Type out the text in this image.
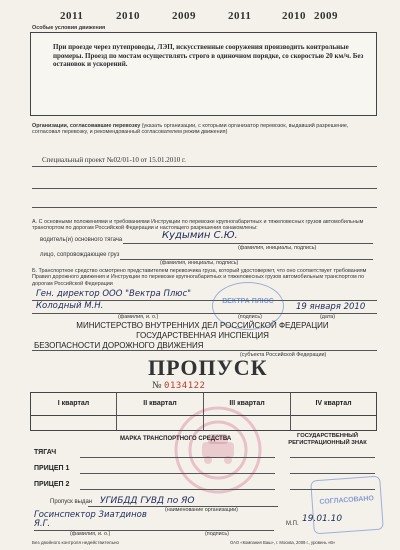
2011	2010	2009	2011	2010 2009
Особые условия движения
При проезде через путепроводы, ЛЭП, искусственные сооружения производить контрольные промеры. Проезд по мостам осуществлять строго в одиночном порядке, со скоростью 20 км/ч. Без остановок и ускорений.
Организации, согласовавшие перевозку (указать организации, с которыми организатор перевозок, выдавший разрешение, согласовал перевозку, и рекомендованный согласователем режим движения)
Специальный проект №02/01-10 от 15.01.2010 г.
А. С основными положениями и требованиями Инструкции по перевозке крупногабаритных и тяжеловесных грузов автомобильным транспортом по дорогам Российской Федерации и настоящего разрешения ознакомлены:
водитель(и) основного тягача	Кудымин С.Ю.
(фамилия, инициалы, подпись)
лицо, сопровождающее груз
(фамилия, инициалы, подпись)
Б. Транспортное средство осмотрено представителем перевозчика груза, который удостоверяет, что оно соответствует требованиям Правил дорожного движения и Инструкции по перевозке крупногабаритных и тяжеловесных грузов автомобильным транспортом по дорогам Российской Федерации
Ген. директор ООО "Вектра Плюс"
Колодный М.Н.	19 января 2010
(фамилия, и. о.)	(подпись)	(дата)
ВЕКТРА ПЛЮС
МИНИСТЕРСТВО ВНУТРЕННИХ ДЕЛ РОССИЙСКОЙ ФЕДЕРАЦИИ
ГОСУДАРСТВЕННАЯ ИНСПЕКЦИЯ
БЕЗОПАСНОСТИ ДОРОЖНОГО ДВИЖЕНИЯ
(субъекта Российской Федерации)
ПРОПУСК
№ 0134122
I квартал	II квартал	III квартал	IV квартал
МАРКА ТРАНСПОРТНОГО СРЕДСТВА	ГОСУДАРСТВЕННЫЙ РЕГИСТРАЦИОННЫЙ ЗНАК
ТЯГАЧ
ПРИЦЕП 1
ПРИЦЕП 2
Пропуск выдан УГИБДД ГУВД по ЯО
(наименование организации)
Госинспектор Зиатдинов Я.Г.
(фамилия, и. о.)	(подпись)
М.П. 19.01.10
СОГЛАСОВАНО
Без двойного контроля недействительно	ОАО «Компания Ваш», г. Москва, 2009 г., уровень «В»
